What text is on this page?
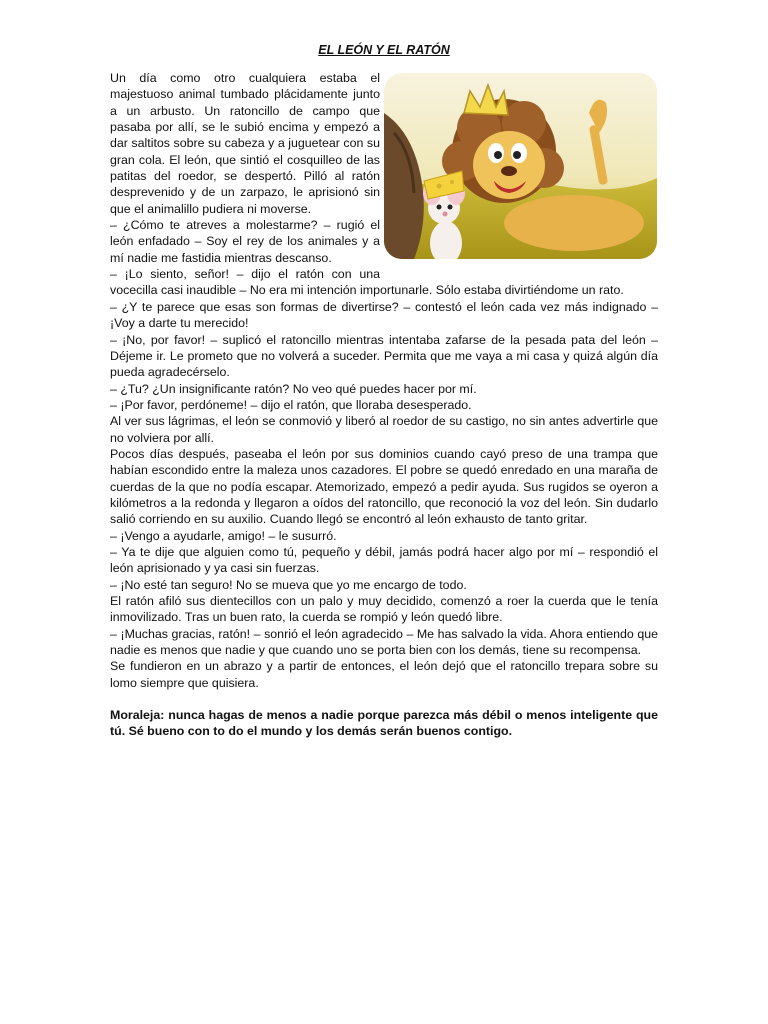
EL LEÓN Y EL RATÓN

Un día como otro cualquiera estaba el majestuoso animal tumbado plácidamente junto a un arbusto. Un ratoncillo de campo que pasaba por allí, se le subió encima y empezó a dar saltitos sobre su cabeza y a juguetear con su gran cola. El león, que sintió el cosquilleo de las patitas del roedor, se despertó. Pilló al ratón desprevenido y de un zarpazo, le aprisionó sin que el animalillo pudiera ni moverse.

– ¿Cómo te atreves a molestarme? – rugió el león enfadado – Soy el rey de los animales y a mí nadie me fastidia mientras descanso.

– ¡Lo siento, señor! – dijo el ratón con una vocecilla casi inaudible – No era mi intención importunarle. Sólo estaba divirtiéndome un rato.

– ¿Y te parece que esas son formas de divertirse? – contestó el león cada vez más indignado – ¡Voy a darte tu merecido!

– ¡No, por favor! – suplicó el ratoncillo mientras intentaba zafarse de la pesada pata del león – Déjeme ir. Le prometo que no volverá a suceder. Permita que me vaya a mi casa y quizá algún día pueda agradecérselo.

– ¿Tu? ¿Un insignificante ratón? No veo qué puedes hacer por mí.

– ¡Por favor, perdóneme! – dijo el ratón, que lloraba desesperado.

Al ver sus lágrimas, el león se conmovió y liberó al roedor de su castigo, no sin antes advertirle que no volviera por allí.

Pocos días después, paseaba el león por sus dominios cuando cayó preso de una trampa que habían escondido entre la maleza unos cazadores. El pobre se quedó enredado en una maraña de cuerdas de la que no podía escapar. Atemorizado, empezó a pedir ayuda. Sus rugidos se oyeron a kilómetros a la redonda y llegaron a oídos del ratoncillo, que reconoció la voz del león. Sin dudarlo salió corriendo en su auxilio. Cuando llegó se encontró al león exhausto de tanto gritar.

– ¡Vengo a ayudarle, amigo! – le susurró.

– Ya te dije que alguien como tú, pequeño y débil, jamás podrá hacer algo por mí – respondió el león aprisionado y ya casi sin fuerzas.

– ¡No esté tan seguro! No se mueva que yo me encargo de todo.

El ratón afiló sus dientecillos con un palo y muy decidido, comenzó a roer la cuerda que le tenía inmovilizado. Tras un buen rato, la cuerda se rompió y león quedó libre.

– ¡Muchas gracias, ratón! – sonrió el león agradecido – Me has salvado la vida. Ahora entiendo que nadie es menos que nadie y que cuando uno se porta bien con los demás, tiene su recompensa.

Se fundieron en un abrazo y a partir de entonces, el león dejó que el ratoncillo trepara sobre su lomo siempre que quisiera.

Moraleja: nunca hagas de menos a nadie porque parezca más débil o menos inteligente que tú. Sé bueno con to do el mundo y los demás serán buenos contigo.
